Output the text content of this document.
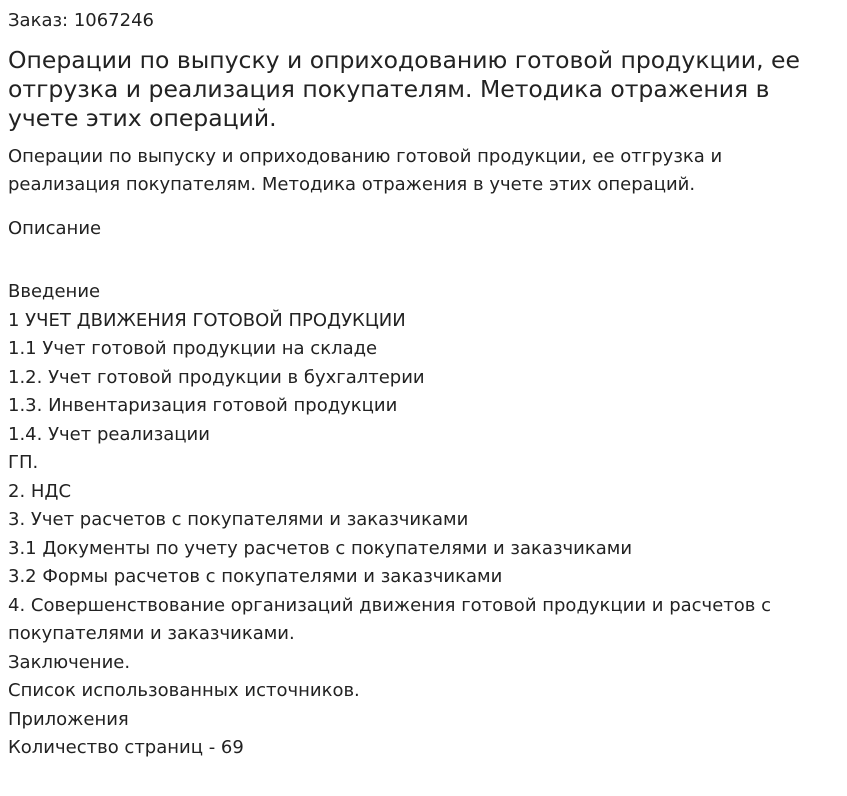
Заказ: 1067246
Операции по выпуску и оприходованию готовой продукции, ее отгрузка и реализация покупателям. Методика отражения в учете этих операций.

Операции по выпуску и оприходованию готовой продукции, ее отгрузка и реализация покупателям. Методика отражения в учете этих операций.

Описание
Введение
1 УЧЕТ ДВИЖЕНИЯ ГОТОВОЙ ПРОДУКЦИИ
1.1 Учет готовой продукции на складе
1.2. Учет готовой продукции в бухгалтерии
1.3. Инвентаризация готовой продукции
1.4. Учет реализации
ГП.
2. НДС
3. Учет расчетов с покупателями и заказчиками
3.1 Документы по учету расчетов с покупателями и заказчиками
3.2 Формы расчетов с покупателями и заказчиками
4. Совершенствование организаций движения готовой продукции и расчетов с покупателями и заказчиками.
Заключение.
Список использованных источников.
Приложения
Количество страниц - 69
